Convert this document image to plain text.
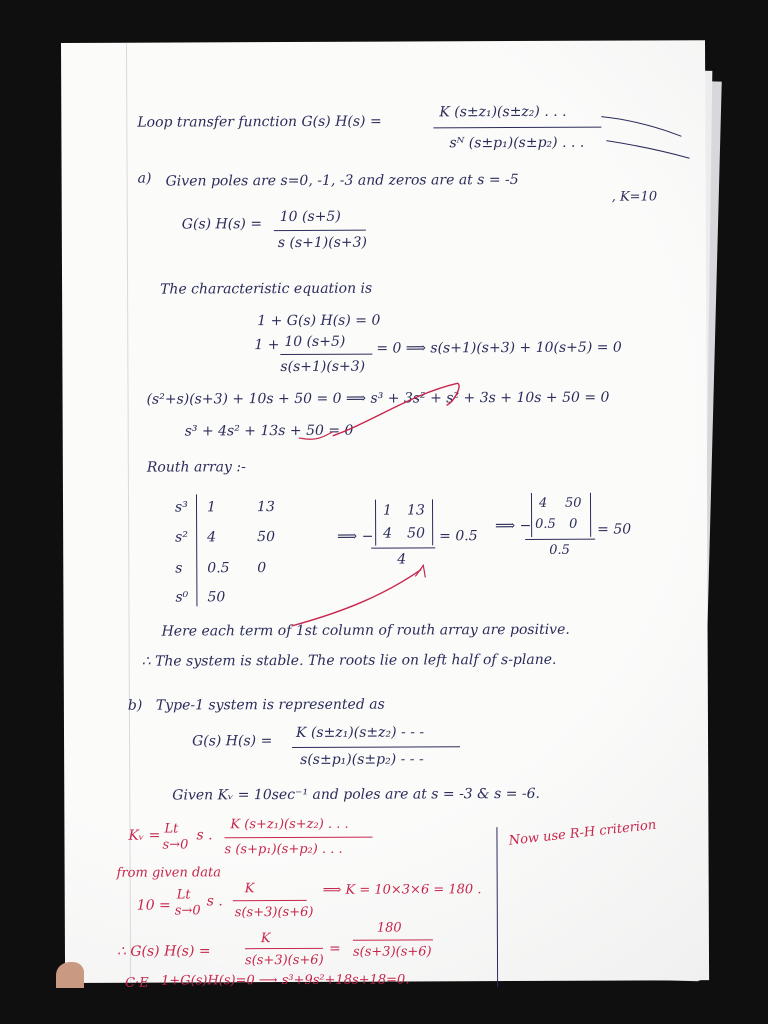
Loop transfer function G(s) H(s) =
K (s±z₁)(s±z₂) . . .
sᴺ (s±p₁)(s±p₂) . . .
a) Given poles are s=0, -1, -3 and zeros are at s = -5
, K=10
G(s) H(s) = 10 (s+5)
s (s+1)(s+3)
The characteristic equation is
1 + G(s) H(s) = 0
1 + 10 (s+5)
s(s+1)(s+3)
= 0 ⟹ s(s+1)(s+3) + 10(s+5) = 0
(s²+s)(s+3) + 10s + 50 = 0 ⟹ s³ + 3s² + s² + 3s + 10s + 50 = 0
s³ + 4s² + 13s + 50 = 0
Routh array :-
s³ 1	13
s² 4	50
s 0.5 0
s⁰ 50
⟹ −
1 13
4 50
4
= 0.5
⟹ −
4 50
0.5 0
0.5
= 50
Here each term of 1st column of routh array are positive.
∴ The system is stable. The roots lie on left half of s-plane.
b) Type-1 system is represented as
G(s) H(s) =
K (s±z₁)(s±z₂) - - -
s(s±p₁)(s±p₂) - - -
Given Kᵥ = 10sec⁻¹ and poles are at s = -3 & s = -6.
Kᵥ = Lt
s→0
s .
K (s+z₁)(s+z₂) . . .
s (s+p₁)(s+p₂) . . .
Now use R-H criterion
from given data
10 =
Lt
s→0
s .
K
s(s+3)(s+6)
⟹ K = 10×3×6 = 180 .
∴ G(s) H(s) =
K
s(s+3)(s+6)
=
180
s(s+3)(s+6)
C·E 1+G(s)H(s)=0 ⟶ s³+9s²+18s+18=0.
